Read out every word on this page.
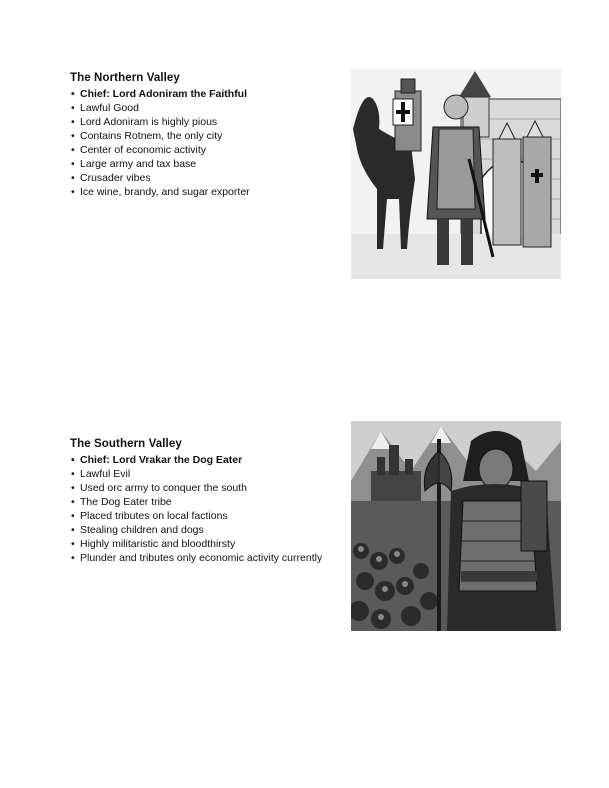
The Northern Valley
• Chief: Lord Adoniram the Faithful
• Lawful Good
• Lord Adoniram is highly pious
• Contains Rotnem, the only city
• Center of economic activity
• Large army and tax base
• Crusader vibes
• Ice wine, brandy, and sugar exporter
The Southern Valley
• Chief: Lord Vrakar the Dog Eater
• Lawful Evil
• Used orc army to conquer the south
• The Dog Eater tribe
• Placed tributes on local factions
• Stealing children and dogs
• Highly militaristic and bloodthirsty
• Plunder and tributes only economic activity currently
